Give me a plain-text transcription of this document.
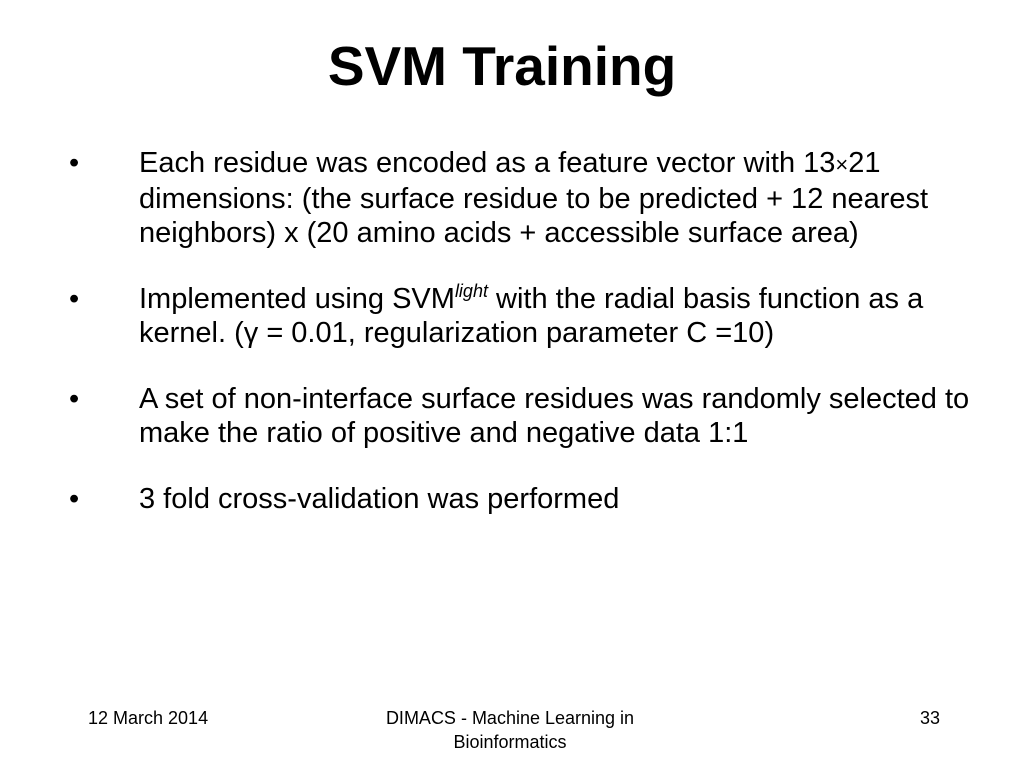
SVM Training
• Each residue was encoded as a feature vector with 13×21 dimensions: (the surface residue to be predicted + 12 nearest neighbors) x (20 amino acids + accessible surface area)
• Implemented using $SVM^{light}$ with the radial basis function as a kernel. (γ = 0.01, regularization parameter C =10)
• A set of non-interface surface residues was randomly selected to make the ratio of positive and negative data 1:1
• 3 fold cross-validation was performed
12 March 2014	DIMACS - Machine Learning in
Bioinformatics
33
